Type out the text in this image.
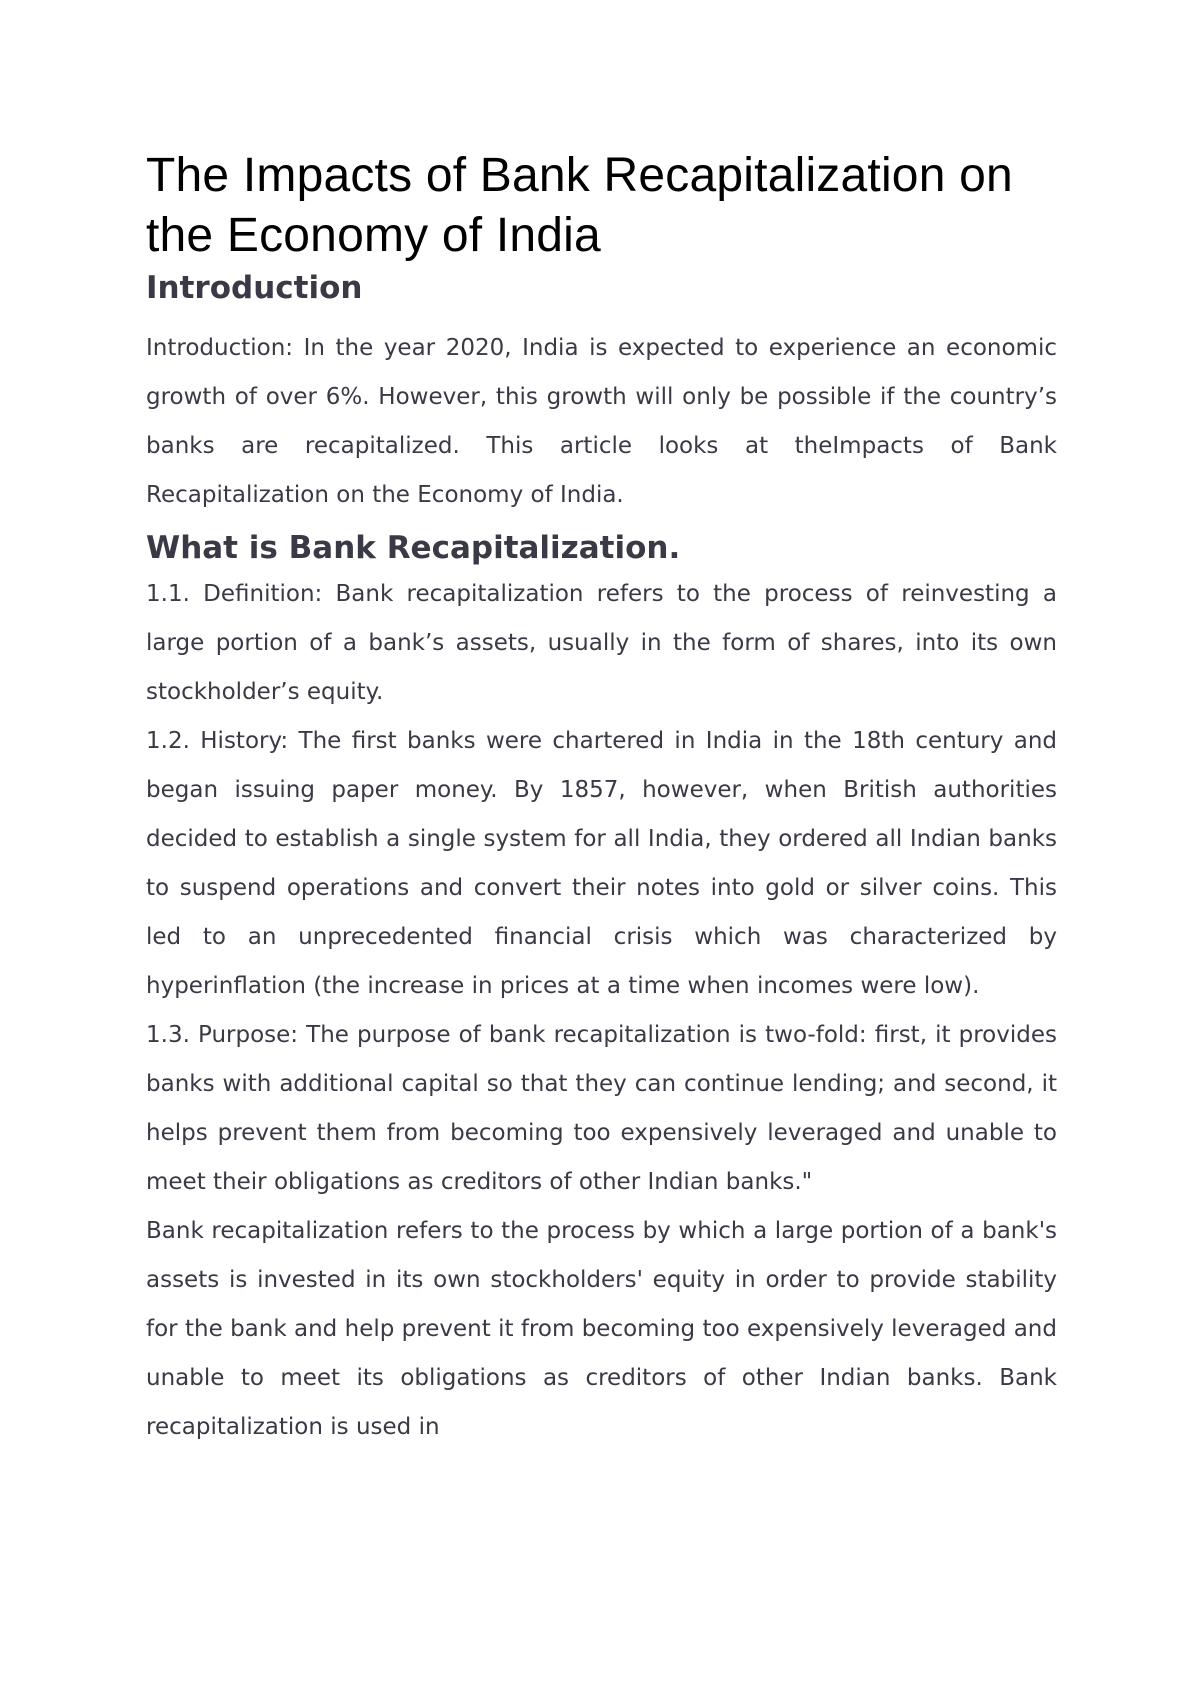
The Impacts of Bank Recapitalization on the Economy of India
Introduction

Introduction: In the year 2020, India is expected to experience an economic growth of over 6%. However, this growth will only be possible if the country’s banks are recapitalized. This article looks at theImpacts of Bank Recapitalization on the Economy of India.

What is Bank Recapitalization.

1.1. Definition: Bank recapitalization refers to the process of reinvesting a large portion of a bank’s assets, usually in the form of shares, into its own stockholder’s equity.

1.2. History: The first banks were chartered in India in the 18th century and began issuing paper money. By 1857, however, when British authorities decided to establish a single system for all India, they ordered all Indian banks to suspend operations and convert their notes into gold or silver coins. This led to an unprecedented financial crisis which was characterized by hyperinflation (the increase in prices at a time when incomes were low).

1.3. Purpose: The purpose of bank recapitalization is two-fold: first, it provides banks with additional capital so that they can continue lending; and second, it helps prevent them from becoming too expensively leveraged and unable to meet their obligations as creditors of other Indian banks."

Bank recapitalization refers to the process by which a large portion of a bank's assets is invested in its own stockholders' equity in order to provide stability for the bank and help prevent it from becoming too expensively leveraged and unable to meet its obligations as creditors of other Indian banks. Bank recapitalization is used in
